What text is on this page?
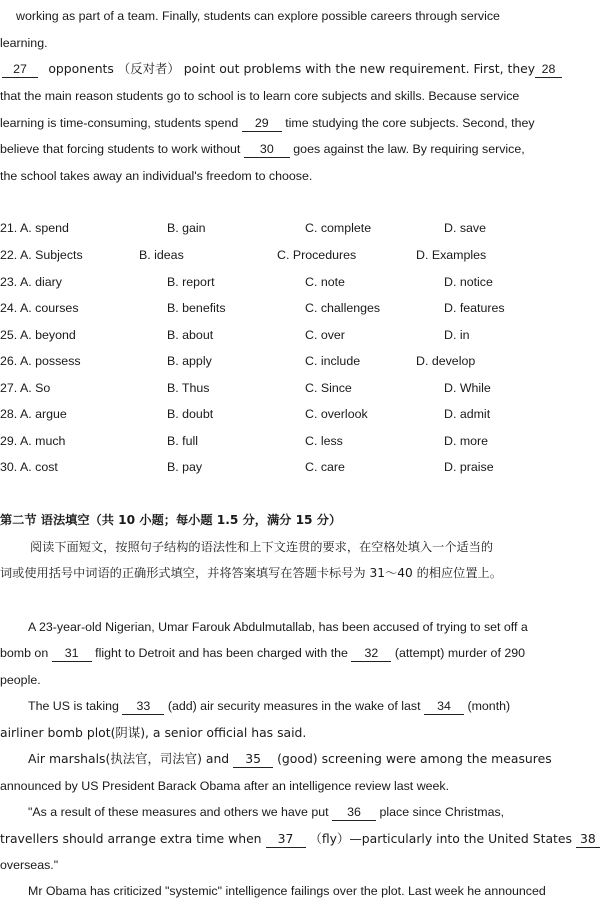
working as part of a team. Finally, students can explore possible careers through service
learning.
27 opponents （反对者） point out problems with the new requirement. First, they 28
that the main reason students go to school is to learn core subjects and skills. Because service
learning is time-consuming, students spend 29 time studying the core subjects. Second, they
believe that forcing students to work without 30 goes against the law. By requiring service,
the school takes away an individual's freedom to choose.
21. A. spend	B. gain	C. complete	D. save
22. A. Subjects	B. ideas	C. Procedures	D. Examples
23. A. diary	B. report	C. note	D. notice
24. A. courses	B. benefits	C. challenges	D. features
25. A. beyond	B. about	C. over	D. in
26. A. possess	B. apply	C. include	D. develop
27. A. So	B. Thus	C. Since	D. While
28. A. argue	B. doubt	C. overlook	D. admit
29. A. much	B. full	C. less	D. more
30. A. cost	B. pay	C. care	D. praise
第二节 语法填空（共 10 小题；每小题 1.5 分，满分 15 分）
阅读下面短文，按照句子结构的语法性和上下文连贯的要求，在空格处填入一个适当的
词或使用括号中词语的正确形式填空，并将答案填写在答题卡标号为 31～40 的相应位置上。
A 23-year-old Nigerian, Umar Farouk Abdulmutallab, has been accused of trying to set off a
bomb on 31 flight to Detroit and has been charged with the 32 (attempt) murder of 290
people.
The US is taking 33 (add) air security measures in the wake of last 34 (month)
airliner bomb plot(阴谋), a senior official has said.
Air marshals(执法官，司法官) and 35 (good) screening were among the measures
announced by US President Barack Obama after an intelligence review last week.
"As a result of these measures and others we have put 36 place since Christmas,
travellers should arrange extra time when 37 （fly）—particularly into the United States 38
overseas."
Mr Obama has criticized "systemic" intelligence failings over the plot. Last week he announced
